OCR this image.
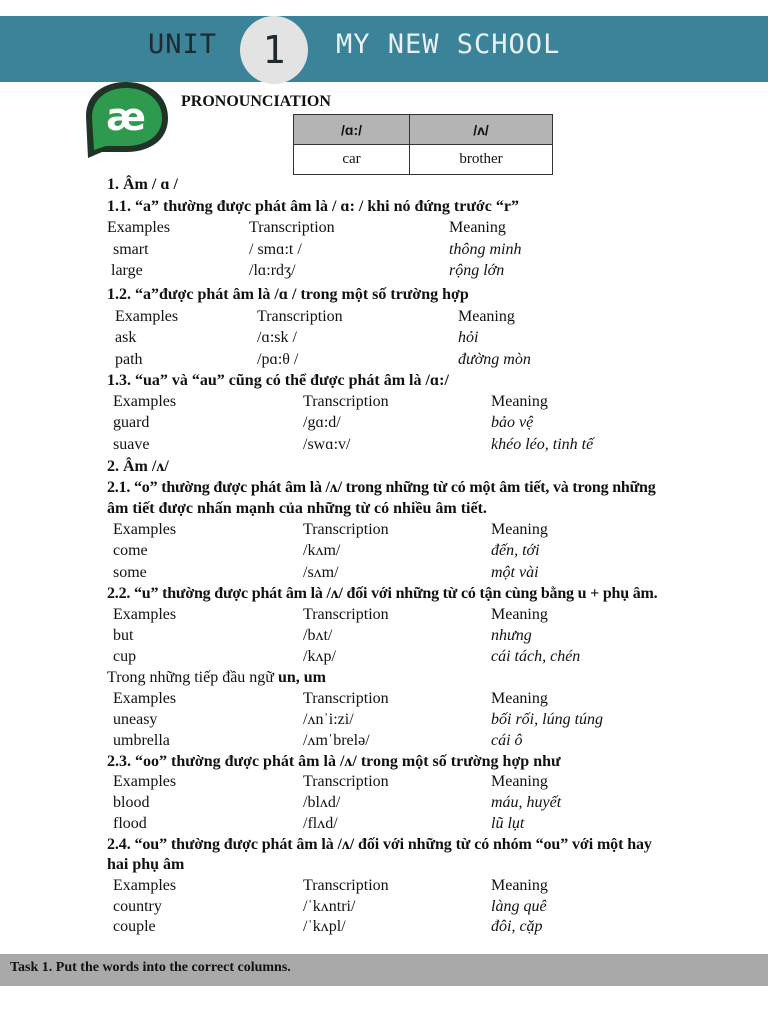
UNIT	1	MY NEW SCHOOL
æ PRONOUNCIATION
/ɑ:/	/ʌ/
car	brother
1. Âm / ɑ /
1.1. “a” thường được phát âm là / ɑ: / khi nó đứng trước “r”
Examples	Transcription	Meaning
smart	/ smɑ:t /	thông minh
large	/lɑ:rdʒ/	rộng lớn
1.2. “a”được phát âm là /ɑ / trong một số trường hợp
Examples	Transcription	Meaning
ask	/ɑ:sk /	hỏi
path	/pɑ:θ /	đường mòn
1.3. “ua” và “au” cũng có thể được phát âm là /ɑ:/
Examples	Transcription	Meaning
guard	/gɑ:d/	bảo vệ
suave	/swɑ:v/	khéo léo, tinh tế
2. Âm /ʌ/
2.1. “o” thường được phát âm là /ʌ/ trong những từ có một âm tiết, và trong những
âm tiết được nhấn mạnh của những từ có nhiều âm tiết.
Examples	Transcription	Meaning
come	/kʌm/	đến, tới
some	/sʌm/	một vài
2.2. “u” thường được phát âm là /ʌ/ đối với những từ có tận cùng bằng u + phụ âm.
Examples	Transcription	Meaning
but	/bʌt/	nhưng
cup	/kʌp/	cái tách, chén
Trong những tiếp đầu ngữ un, um
Examples	Transcription	Meaning
uneasy	/ʌnˈi:zi/	bối rối, lúng túng
umbrella	/ʌmˈbrelə/	cái ô
2.3. “oo” thường được phát âm là /ʌ/ trong một số trường hợp như
Examples	Transcription	Meaning
blood	/blʌd/	máu, huyết
flood	/flʌd/	lũ lụt
2.4. “ou” thường được phát âm là /ʌ/ đối với những từ có nhóm “ou” với một hay
hai phụ âm
Examples	Transcription	Meaning
country	/ˈkʌntri/	làng quê
couple	/ˈkʌpl/	đôi, cặp
Task 1. Put the words into the correct columns.
